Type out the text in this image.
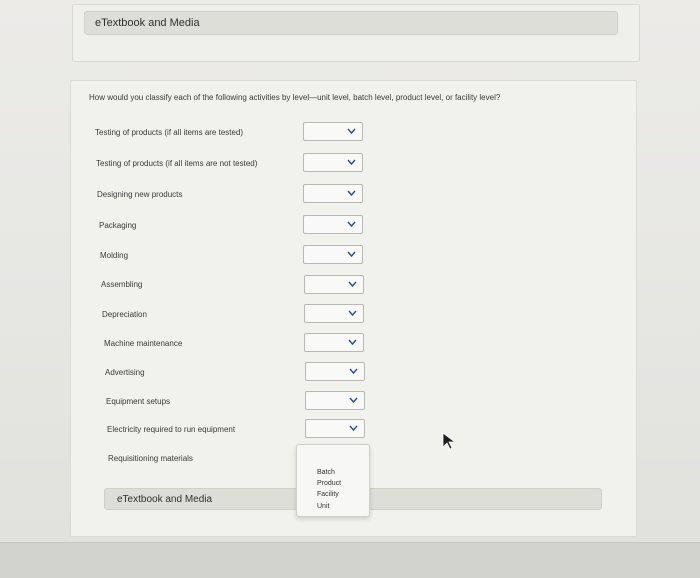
eTextbook and Media
How would you classify each of the following activities by level—unit level, batch level, product level, or facility level?
Testing of products (if all items are tested)
Testing of products (if all items are not tested)
Designing new products
Packaging
Molding
Assembling
Depreciation
Machine maintenance
Advertising
Equipment setups
Electricity required to run equipment
Requisitioning materials
Batch
Product
Facility
Unit
eTextbook and Media
